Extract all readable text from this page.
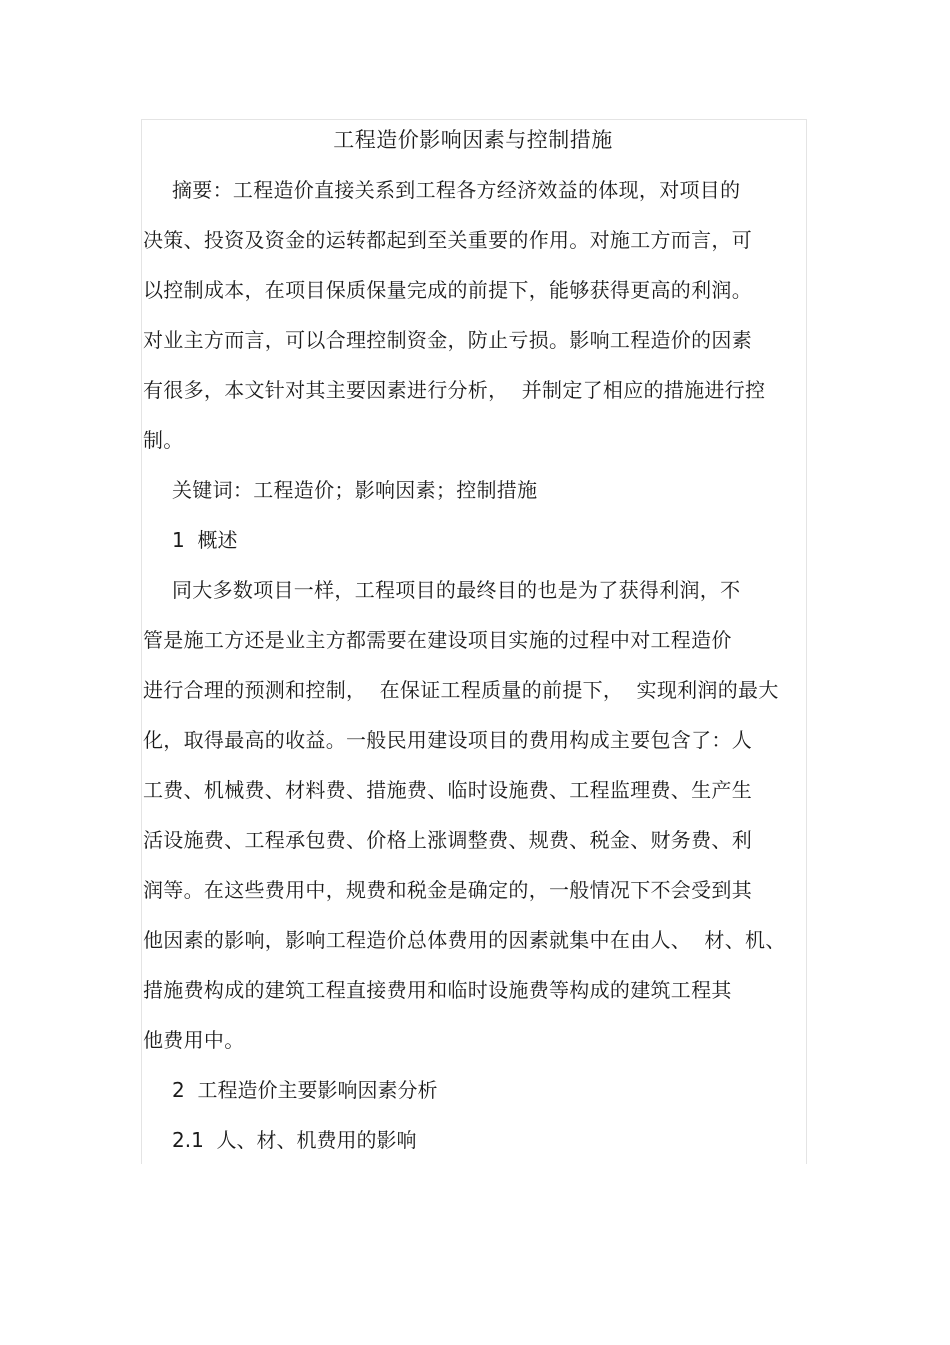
工程造价影响因素与控制措施
摘要：工程造价直接关系到工程各方经济效益的体现，对项目的
决策、投资及资金的运转都起到至关重要的作用。对施工方而言，可
以控制成本，在项目保质保量完成的前提下，能够获得更高的利润。
对业主方而言，可以合理控制资金，防止亏损。影响工程造价的因素
有很多，本文针对其主要因素进行分析，  并制定了相应的措施进行控
制。
关键词：工程造价；影响因素；控制措施
1  概述
同大多数项目一样，工程项目的最终目的也是为了获得利润，不
管是施工方还是业主方都需要在建设项目实施的过程中对工程造价
进行合理的预测和控制，  在保证工程质量的前提下，  实现利润的最大
化，取得最高的收益。一般民用建设项目的费用构成主要包含了：人
工费、机械费、材料费、措施费、临时设施费、工程监理费、生产生
活设施费、工程承包费、价格上涨调整费、规费、税金、财务费、利
润等。在这些费用中，规费和税金是确定的，一般情况下不会受到其
他因素的影响，影响工程造价总体费用的因素就集中在由人、  材、机、
措施费构成的建筑工程直接费用和临时设施费等构成的建筑工程其
他费用中。
2  工程造价主要影响因素分析
2.1  人、材、机费用的影响
